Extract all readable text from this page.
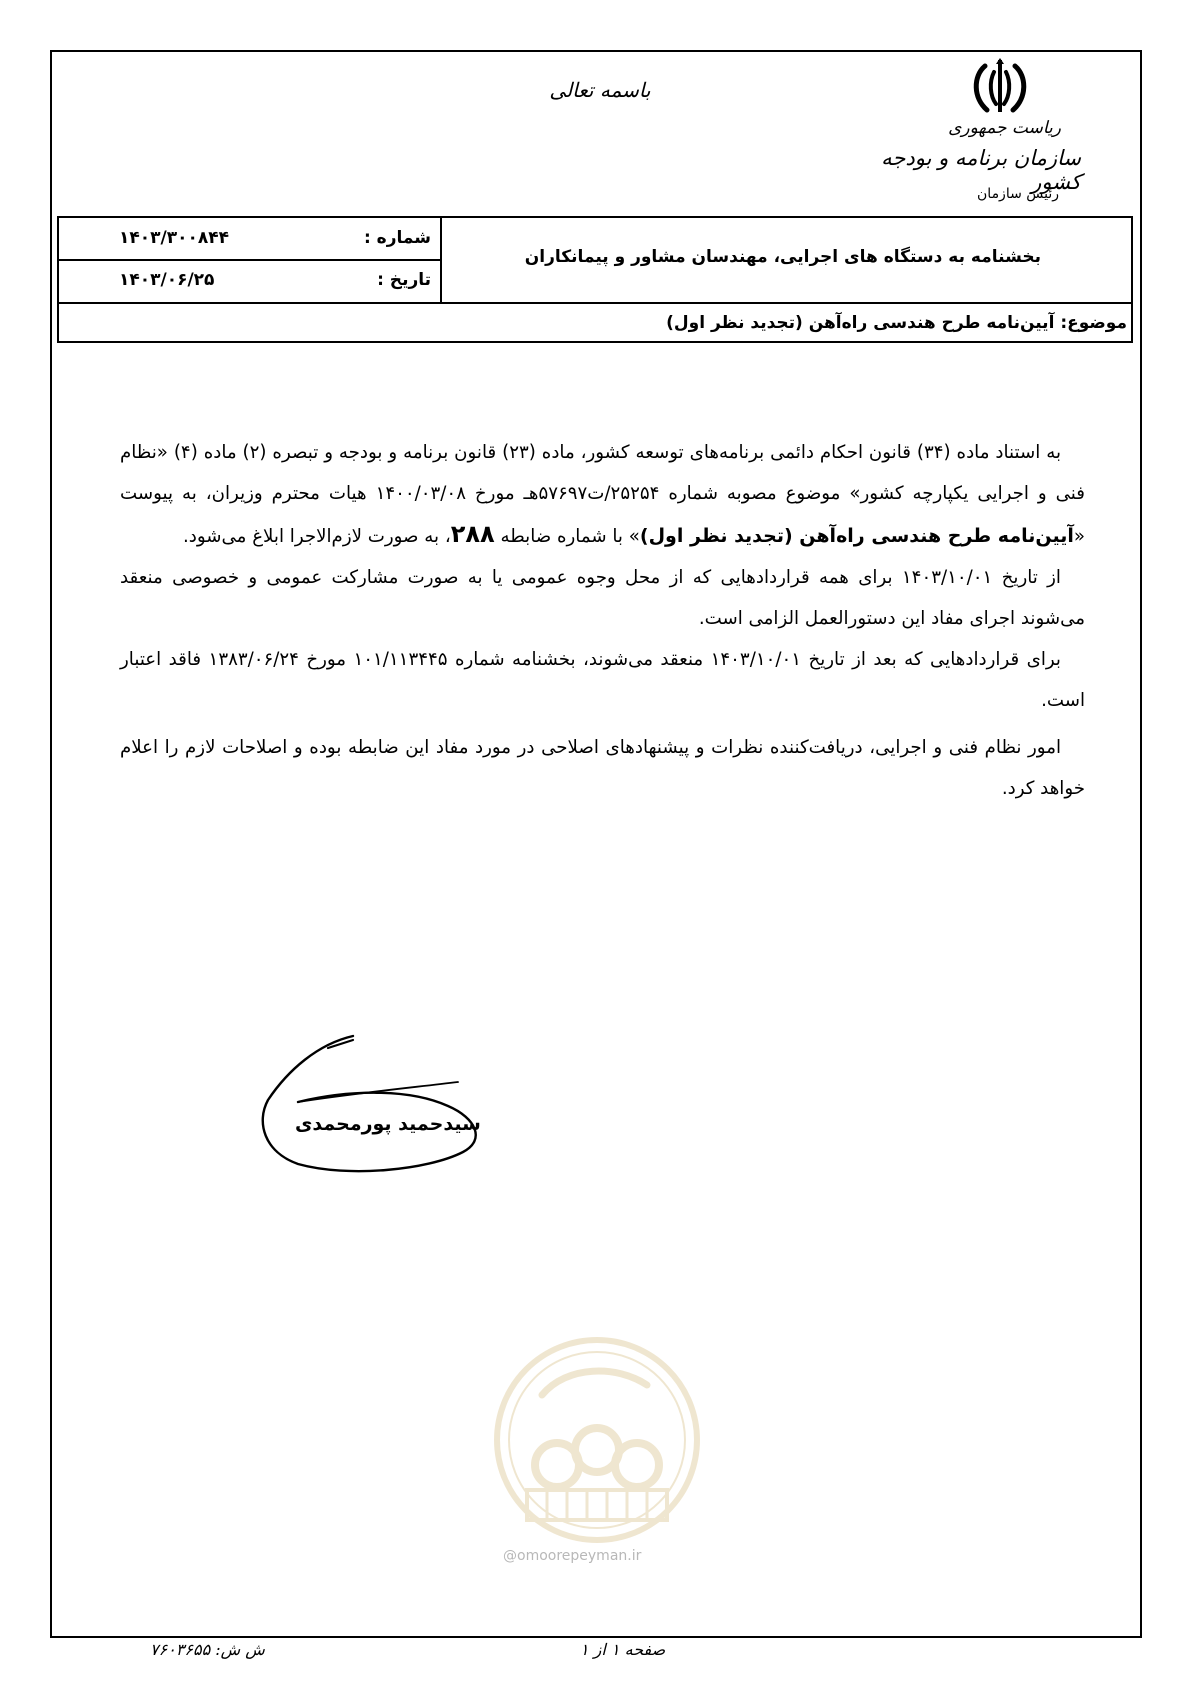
باسمه تعالی
ریاست جمهوری
سازمان برنامه و بودجه کشور
رئیس سازمان
بخشنامه به دستگاه های اجرایی، مهندسان مشاور و پیمانکاران
شماره :
۱۴۰۳/۳۰۰۸۴۴
تاریخ :
۱۴۰۳/۰۶/۲۵
موضوع: آیین‌نامه طرح هندسی راه‌آهن (تجدید نظر اول)

به استناد ماده (۳۴) قانون احکام دائمی برنامه‌های توسعه کشور، ماده (۲۳) قانون برنامه و بودجه و تبصره (۲) ماده (۴) «نظام فنی و اجرایی یکپارچه کشور» موضوع مصوبه شماره ۲۵۲۵۴/ت۵۷۶۹۷هـ مورخ ۱۴۰۰/۰۳/۰۸ هیات محترم وزیران، به پیوست «آیین‌نامه طرح هندسی راه‌آهن (تجدید نظر اول)» با شماره ضابطه ۲۸۸، به صورت لازم‌الاجرا ابلاغ می‌شود.

از تاریخ ۱۴۰۳/۱۰/۰۱ برای همه قراردادهایی که از محل وجوه عمومی یا به صورت مشارکت عمومی و خصوصی منعقد می‌شوند اجرای مفاد این دستورالعمل الزامی است.

برای قراردادهایی که بعد از تاریخ ۱۴۰۳/۱۰/۰۱ منعقد می‌شوند، بخشنامه شماره ۱۰۱/۱۱۳۴۴۵ مورخ ۱۳۸۳/۰۶/۲۴ فاقد اعتبار است.

امور نظام فنی و اجرایی، دریافت‌کننده نظرات و پیشنهادهای اصلاحی در مورد مفاد این ضابطه بوده و اصلاحات لازم را اعلام خواهد کرد.

سیدحمید پورمحمدی
@omoorepeyman.ir
صفحه ۱ از ۱
ش ش: ۷۶۰۳۶۵۵
